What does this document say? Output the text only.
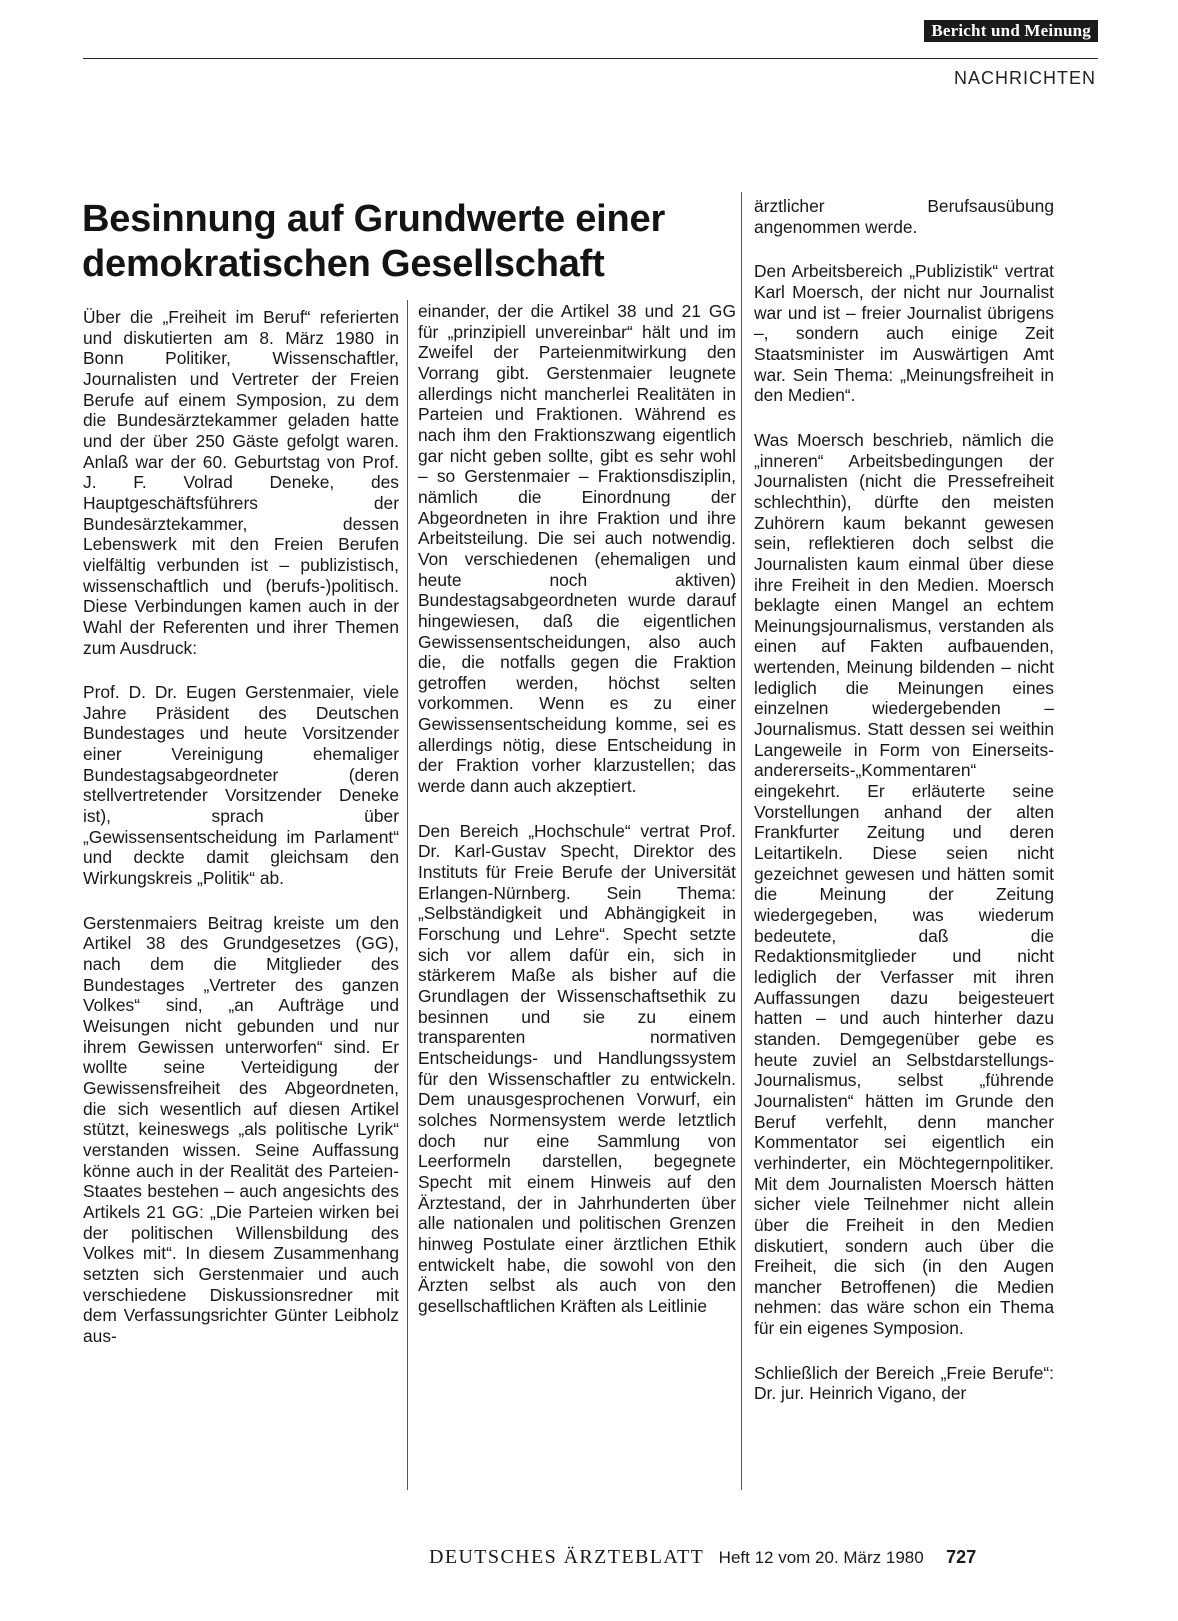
Bericht und Meinung
NACHRICHTEN
Besinnung auf Grundwerte einer demokratischen Gesellschaft

Über die „Freiheit im Beruf“ referierten und diskutierten am 8. März 1980 in Bonn Politiker, Wissenschaftler, Journalisten und Vertreter der Freien Berufe auf einem Symposion, zu dem die Bundesärztekammer geladen hatte und der über 250 Gäste gefolgt waren. Anlaß war der 60. Geburtstag von Prof. J. F. Volrad Deneke, des Hauptgeschäftsführers der Bundesärztekammer, dessen Lebenswerk mit den Freien Berufen vielfältig verbunden ist – publizistisch, wissenschaftlich und (berufs-)politisch. Diese Verbindungen kamen auch in der Wahl der Referenten und ihrer Themen zum Ausdruck:

Prof. D. Dr. Eugen Gerstenmaier, viele Jahre Präsident des Deutschen Bundestages und heute Vorsitzender einer Vereinigung ehemaliger Bundestagsabgeordneter (deren stellvertretender Vorsitzender Deneke ist), sprach über „Gewissensentscheidung im Parlament“ und deckte damit gleichsam den Wirkungskreis „Politik“ ab.

Gerstenmaiers Beitrag kreiste um den Artikel 38 des Grundgesetzes (GG), nach dem die Mitglieder des Bundestages „Vertreter des ganzen Volkes“ sind, „an Aufträge und Weisungen nicht gebunden und nur ihrem Gewissen unterworfen“ sind. Er wollte seine Verteidigung der Gewissensfreiheit des Abgeordneten, die sich wesentlich auf diesen Artikel stützt, keineswegs „als politische Lyrik“ verstanden wissen. Seine Auffassung könne auch in der Realität des Parteien-Staates bestehen – auch angesichts des Artikels 21 GG: „Die Parteien wirken bei der politischen Willensbildung des Volkes mit“. In diesem Zusammenhang setzten sich Gerstenmaier und auch verschiedene Diskussionsredner mit dem Verfassungsrichter Günter Leibholz aus-

einander, der die Artikel 38 und 21 GG für „prinzipiell unvereinbar“ hält und im Zweifel der Parteienmitwirkung den Vorrang gibt. Gerstenmaier leugnete allerdings nicht mancherlei Realitäten in Parteien und Fraktionen. Während es nach ihm den Fraktionszwang eigentlich gar nicht geben sollte, gibt es sehr wohl – so Gerstenmaier – Fraktionsdisziplin, nämlich die Einordnung der Abgeordneten in ihre Fraktion und ihre Arbeitsteilung. Die sei auch notwendig. Von verschiedenen (ehemaligen und heute noch aktiven) Bundestagsabgeordneten wurde darauf hingewiesen, daß die eigentlichen Gewissensentscheidungen, also auch die, die notfalls gegen die Fraktion getroffen werden, höchst selten vorkommen. Wenn es zu einer Gewissensentscheidung komme, sei es allerdings nötig, diese Entscheidung in der Fraktion vorher klarzustellen; das werde dann auch akzeptiert.

Den Bereich „Hochschule“ vertrat Prof. Dr. Karl-Gustav Specht, Direktor des Instituts für Freie Berufe der Universität Erlangen-Nürnberg. Sein Thema: „Selbständigkeit und Abhängigkeit in Forschung und Lehre“. Specht setzte sich vor allem dafür ein, sich in stärkerem Maße als bisher auf die Grundlagen der Wissenschaftsethik zu besinnen und sie zu einem transparenten normativen Entscheidungs- und Handlungssystem für den Wissenschaftler zu entwickeln. Dem unausgesprochenen Vorwurf, ein solches Normensystem werde letztlich doch nur eine Sammlung von Leerformeln darstellen, begegnete Specht mit einem Hinweis auf den Ärztestand, der in Jahrhunderten über alle nationalen und politischen Grenzen hinweg Postulate einer ärztlichen Ethik entwickelt habe, die sowohl von den Ärzten selbst als auch von den gesellschaftlichen Kräften als Leitlinie

ärztlicher Berufsausübung angenommen werde.

Den Arbeitsbereich „Publizistik“ vertrat Karl Moersch, der nicht nur Journalist war und ist – freier Journalist übrigens –, sondern auch einige Zeit Staatsminister im Auswärtigen Amt war. Sein Thema: „Meinungsfreiheit in den Medien“.

Was Moersch beschrieb, nämlich die „inneren“ Arbeitsbedingungen der Journalisten (nicht die Pressefreiheit schlechthin), dürfte den meisten Zuhörern kaum bekannt gewesen sein, reflektieren doch selbst die Journalisten kaum einmal über diese ihre Freiheit in den Medien. Moersch beklagte einen Mangel an echtem Meinungsjournalismus, verstanden als einen auf Fakten aufbauenden, wertenden, Meinung bildenden – nicht lediglich die Meinungen eines einzelnen wiedergebenden – Journalismus. Statt dessen sei weithin Langeweile in Form von Einerseits-andererseits-„Kommentaren“ eingekehrt. Er erläuterte seine Vorstellungen anhand der alten Frankfurter Zeitung und deren Leitartikeln. Diese seien nicht gezeichnet gewesen und hätten somit die Meinung der Zeitung wiedergegeben, was wiederum bedeutete, daß die Redaktionsmitglieder und nicht lediglich der Verfasser mit ihren Auffassungen dazu beigesteuert hatten – und auch hinterher dazu standen. Demgegenüber gebe es heute zuviel an Selbstdarstellungs-Journalismus, selbst „führende Journalisten“ hätten im Grunde den Beruf verfehlt, denn mancher Kommentator sei eigentlich ein verhinderter, ein Möchtegernpolitiker. Mit dem Journalisten Moersch hätten sicher viele Teilnehmer nicht allein über die Freiheit in den Medien diskutiert, sondern auch über die Freiheit, die sich (in den Augen mancher Betroffenen) die Medien nehmen: das wäre schon ein Thema für ein eigenes Symposion.

Schließlich der Bereich „Freie Berufe“: Dr. jur. Heinrich Vigano, der

DEUTSCHES ÄRZTEBLATT Heft 12 vom 20. März 1980 727
